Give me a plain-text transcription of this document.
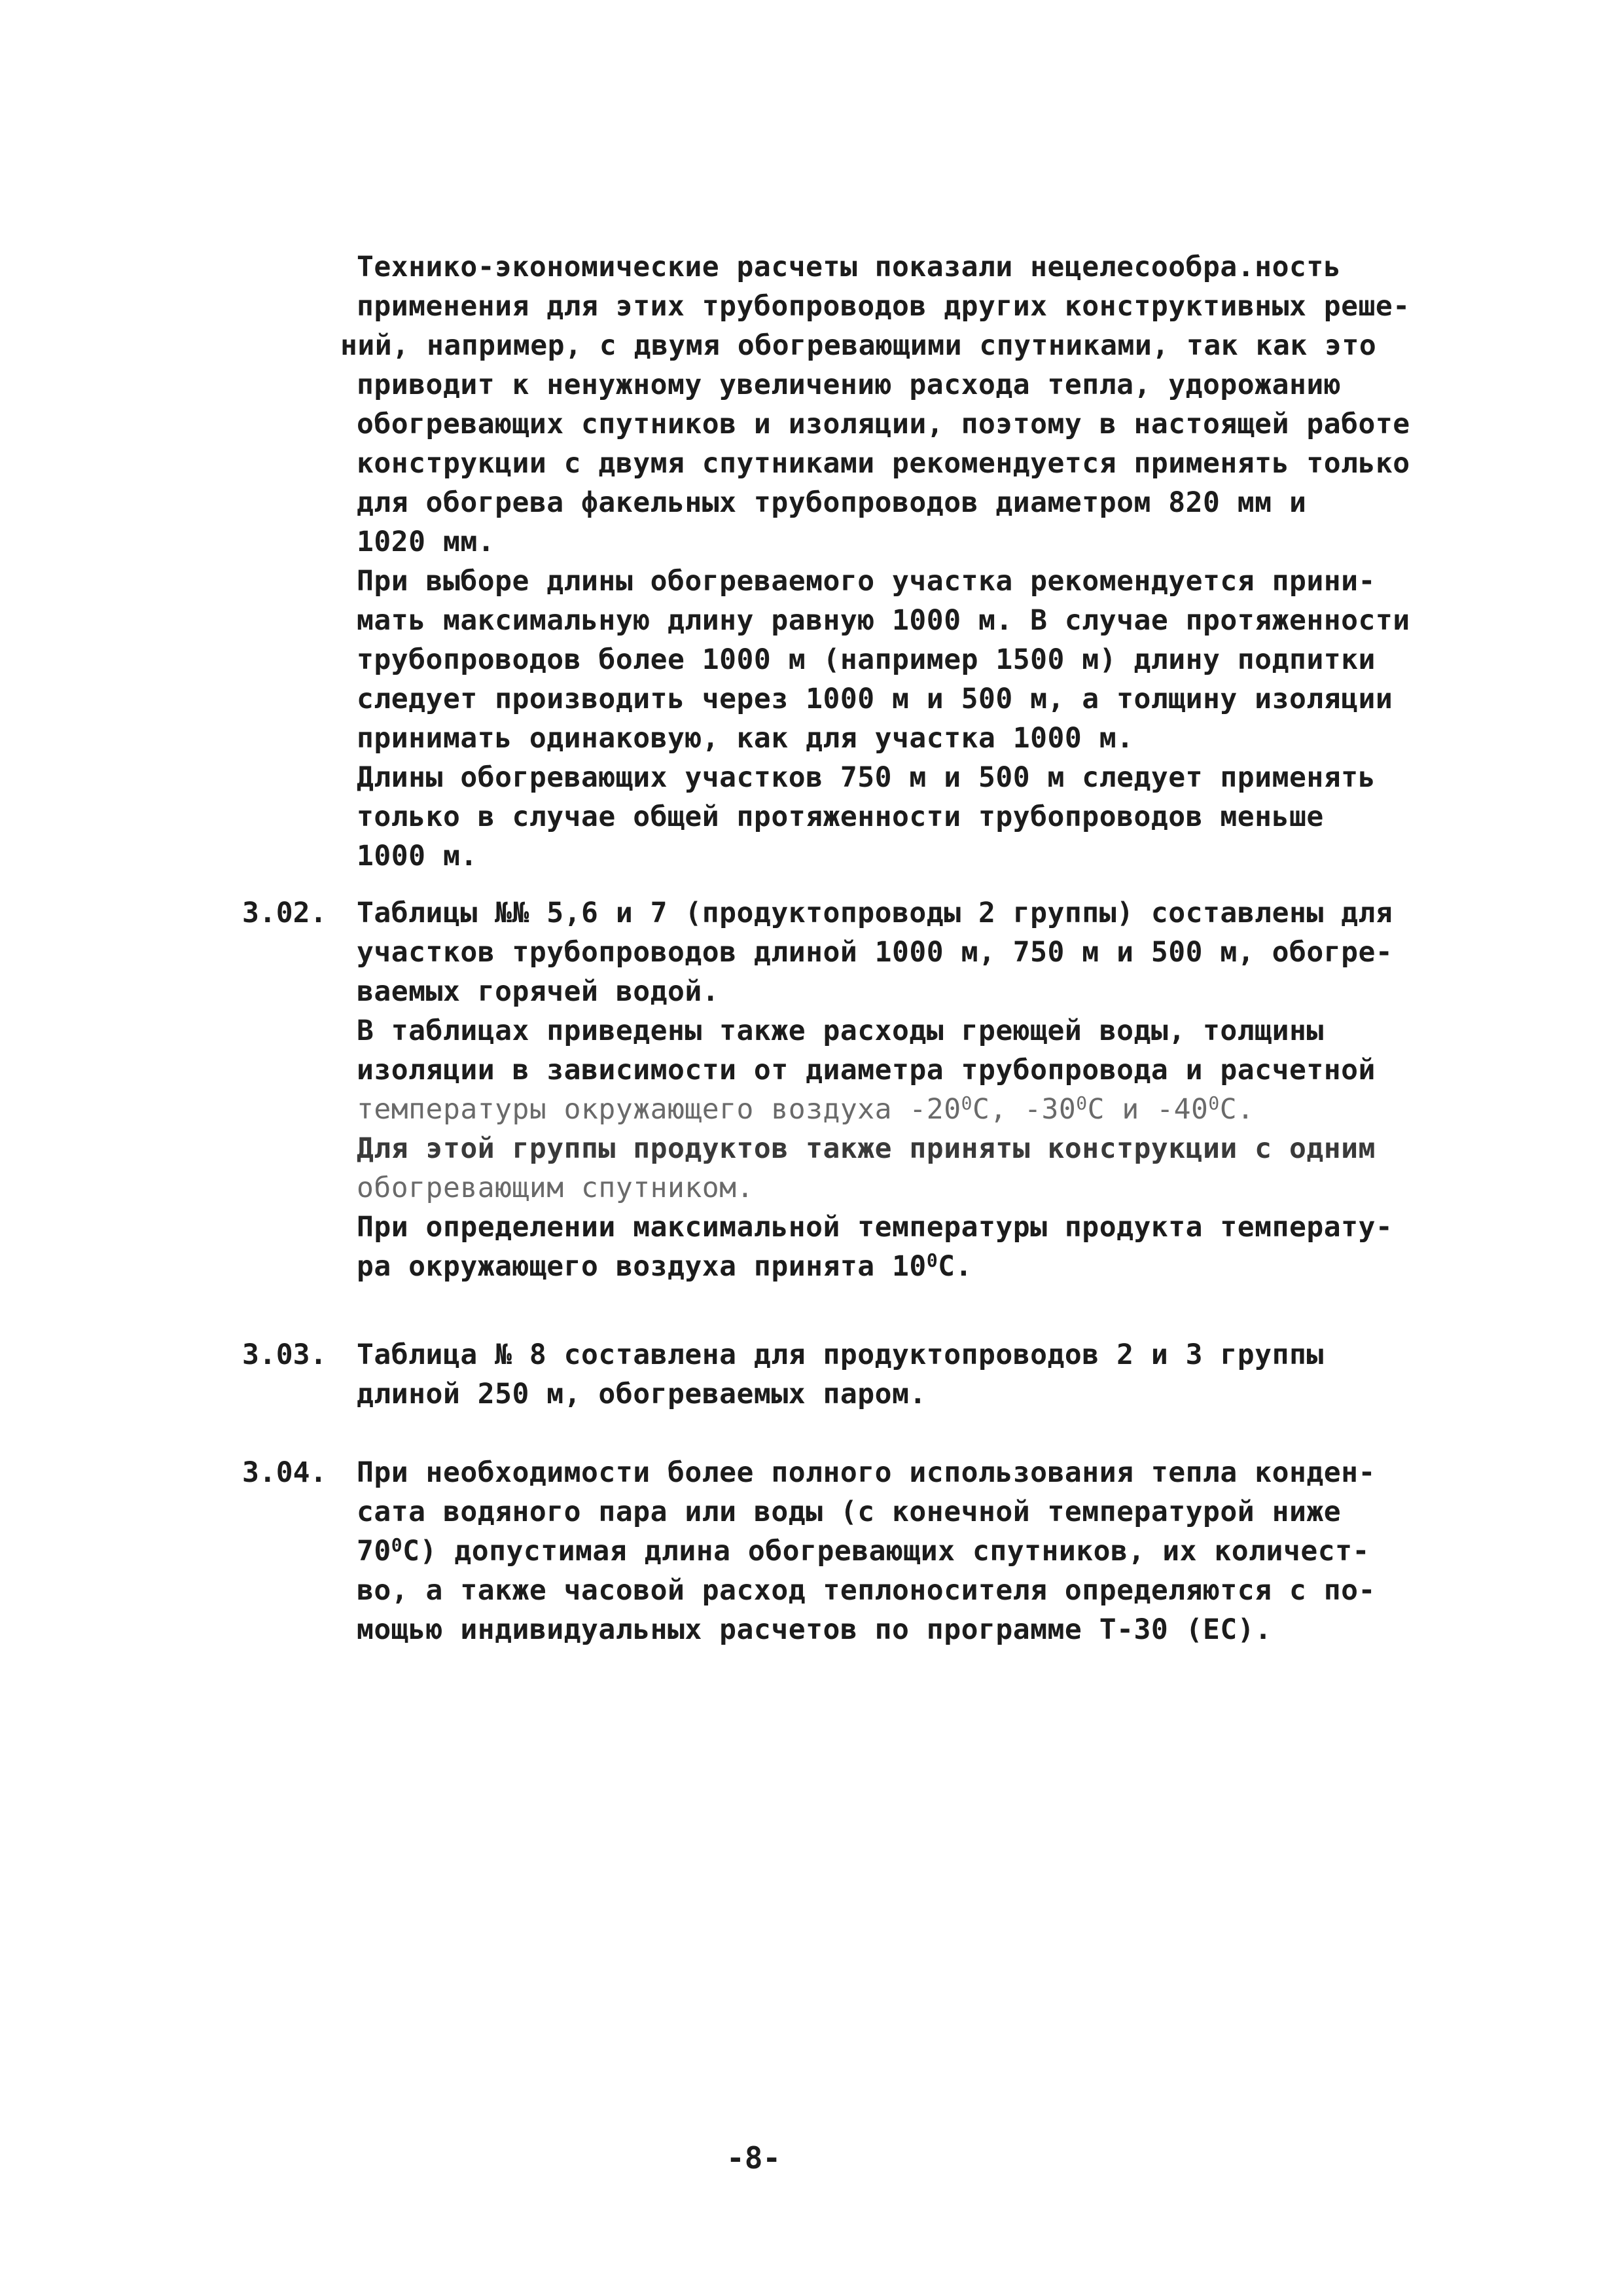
Технико-экономические расчеты показали нецелесообра.ность
применения для этих трубопроводов других конструктивных реше-
ний, например, с двумя обогревающими спутниками, так как это
приводит к ненужному увеличению расхода тепла, удорожанию
обогревающих спутников и изоляции, поэтому в настоящей работе
конструкции с двумя спутниками рекомендуется применять только
для обогрева факельных трубопроводов диаметром 820 мм и
1020 мм.
При выборе длины обогреваемого участка рекомендуется прини-
мать максимальную длину равную 1000 м. В случае протяженности
трубопроводов более 1000 м (например 1500 м) длину подпитки
следует производить через 1000 м и 500 м, а толщину изоляции
принимать одинаковую, как для участка 1000 м.
Длины обогревающих участков 750 м и 500 м следует применять
только в случае общей протяженности трубопроводов меньше
1000 м.
3.02. Таблицы №№ 5,6 и 7 (продуктопроводы 2 группы) составлены для
участков трубопроводов длиной 1000 м, 750 м и 500 м, обогре-
ваемых горячей водой.
В таблицах приведены также расходы греющей воды, толщины
изоляции в зависимости от диаметра трубопровода и расчетной
температуры окружающего воздуха $-20^0С$, $-30^0С$ и $-40^0С$.
Для этой группы продуктов также приняты конструкции с одним
обогревающим спутником.
При определении максимальной температуры продукта температу-
ра окружающего воздуха принята $10^0С$.
3.03. Таблица № 8 составлена для продуктопроводов 2 и 3 группы
длиной 250 м, обогреваемых паром.
3.04. При необходимости более полного использования тепла конден-
сата водяного пара или воды (с конечной температурой ниже
$70^0С$) допустимая длина обогревающих спутников, их количест-
во, а также часовой расход теплоносителя определяются с по-
мощью индивидуальных расчетов по программе Т-30 (ЕС).
-8-
